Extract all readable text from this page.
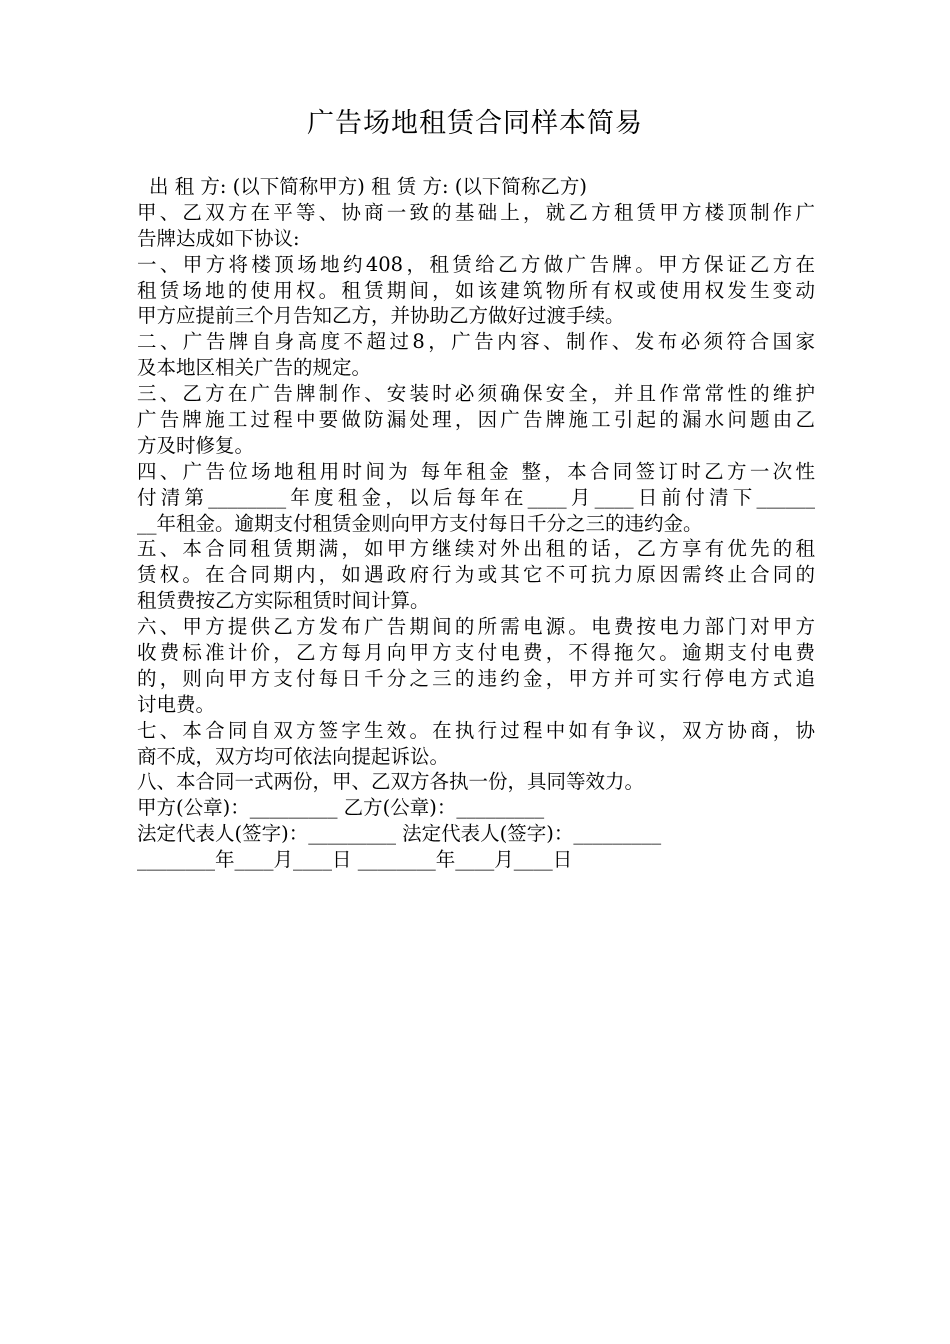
广告场地租赁合同样本简易
出 租 方: (以下简称甲方) 租 赁 方: (以下简称乙方)
甲、乙双方在平等、协商一致的基础上，就乙方租赁甲方楼顶制作广
告牌达成如下协议:
一、甲方将楼顶场地约408，租赁给乙方做广告牌。甲方保证乙方在
租赁场地的使用权。租赁期间，如该建筑物所有权或使用权发生变动
甲方应提前三个月告知乙方，并协助乙方做好过渡手续。
二、广告牌自身高度不超过8，广告内容、制作、发布必须符合国家
及本地区相关广告的规定。
三、乙方在广告牌制作、安装时必须确保安全，并且作常常性的维护
广告牌施工过程中要做防漏处理，因广告牌施工引起的漏水问题由乙
方及时修复。
四、广告位场地租用时间为 每年租金 整，本合同签订时乙方一次性
付清第________年度租金，以后每年在____月____日前付清下______
__年租金。逾期支付租赁金则向甲方支付每日千分之三的违约金。
五、本合同租赁期满，如甲方继续对外出租的话，乙方享有优先的租
赁权。在合同期内，如遇政府行为或其它不可抗力原因需终止合同的
租赁费按乙方实际租赁时间计算。
六、甲方提供乙方发布广告期间的所需电源。电费按电力部门对甲方
收费标准计价，乙方每月向甲方支付电费，不得拖欠。逾期支付电费
的，则向甲方支付每日千分之三的违约金，甲方并可实行停电方式追
讨电费。
七、本合同自双方签字生效。在执行过程中如有争议，双方协商，协
商不成，双方均可依法向提起诉讼。
八、本合同一式两份，甲、乙双方各执一份，具同等效力。
甲方(公章)：_________ 乙方(公章)：_________
法定代表人(签字)：_________ 法定代表人(签字)：_________
________年____月____日 ________年____月____日
